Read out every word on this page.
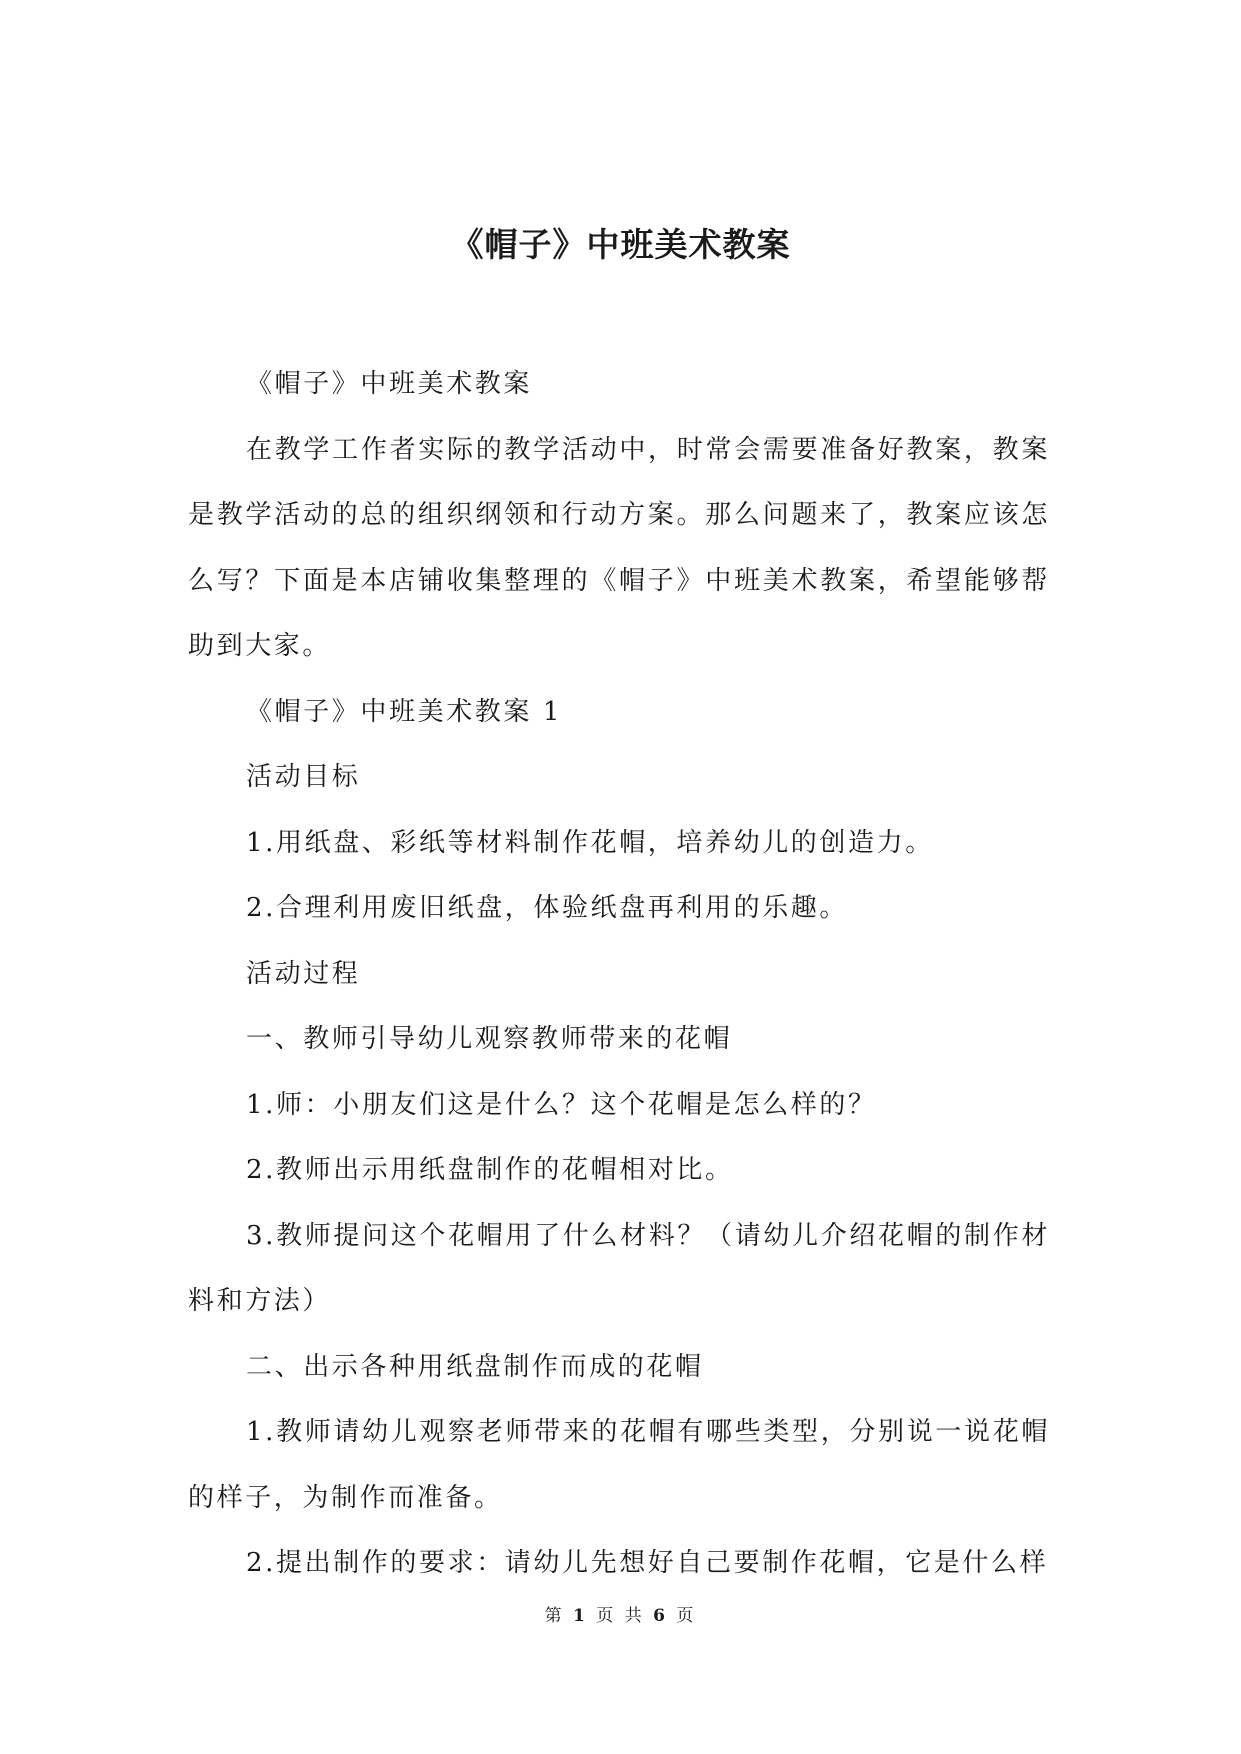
《帽子》中班美术教案

《帽子》中班美术教案

在教学工作者实际的教学活动中，时常会需要准备好教案，教案是教学活动的总的组织纲领和行动方案。那么问题来了，教案应该怎么写？下面是本店铺收集整理的《帽子》中班美术教案，希望能够帮助到大家。

《帽子》中班美术教案 1

活动目标

1.用纸盘、彩纸等材料制作花帽，培养幼儿的创造力。

2.合理利用废旧纸盘，体验纸盘再利用的乐趣。

活动过程

一、教师引导幼儿观察教师带来的花帽

1.师：小朋友们这是什么？这个花帽是怎么样的？

2.教师出示用纸盘制作的花帽相对比。

3.教师提问这个花帽用了什么材料？（请幼儿介绍花帽的制作材料和方法）

二、出示各种用纸盘制作而成的花帽

1.教师请幼儿观察老师带来的花帽有哪些类型，分别说一说花帽的样子，为制作而准备。

2.提出制作的要求：请幼儿先想好自己要制作花帽，它是什么样

第 1 页 共 6 页
